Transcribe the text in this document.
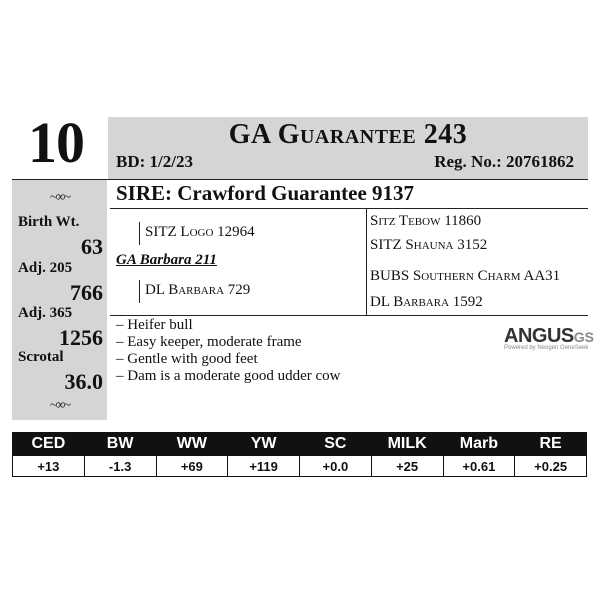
10	GA Guarantee 243
BD: 1/2/23	Reg. No.: 20761862
~∞~
Birth Wt.
63
Adj. 205
766
Adj. 365
1256
Scrotal
36.0
~∞~
SIRE: Crawford Guarantee 9137
SITZ Logo 12964
GA Barbara 211
DL Barbara 729
Sitz Tebow 11860
SITZ Shauna 3152
BUBS Southern Charm AA31
DL Barbara 1592
– Heifer bull
– Easy keeper, moderate frame
– Gentle with good feet
– Dam is a moderate good udder cow
ANGUSGS
Powered by Neogen GeneSeek
CED	BW	WW	YW	SC	MILK	Marb	RE
+13	-1.3	+69	+119	+0.0	+25	+0.61	+0.25
